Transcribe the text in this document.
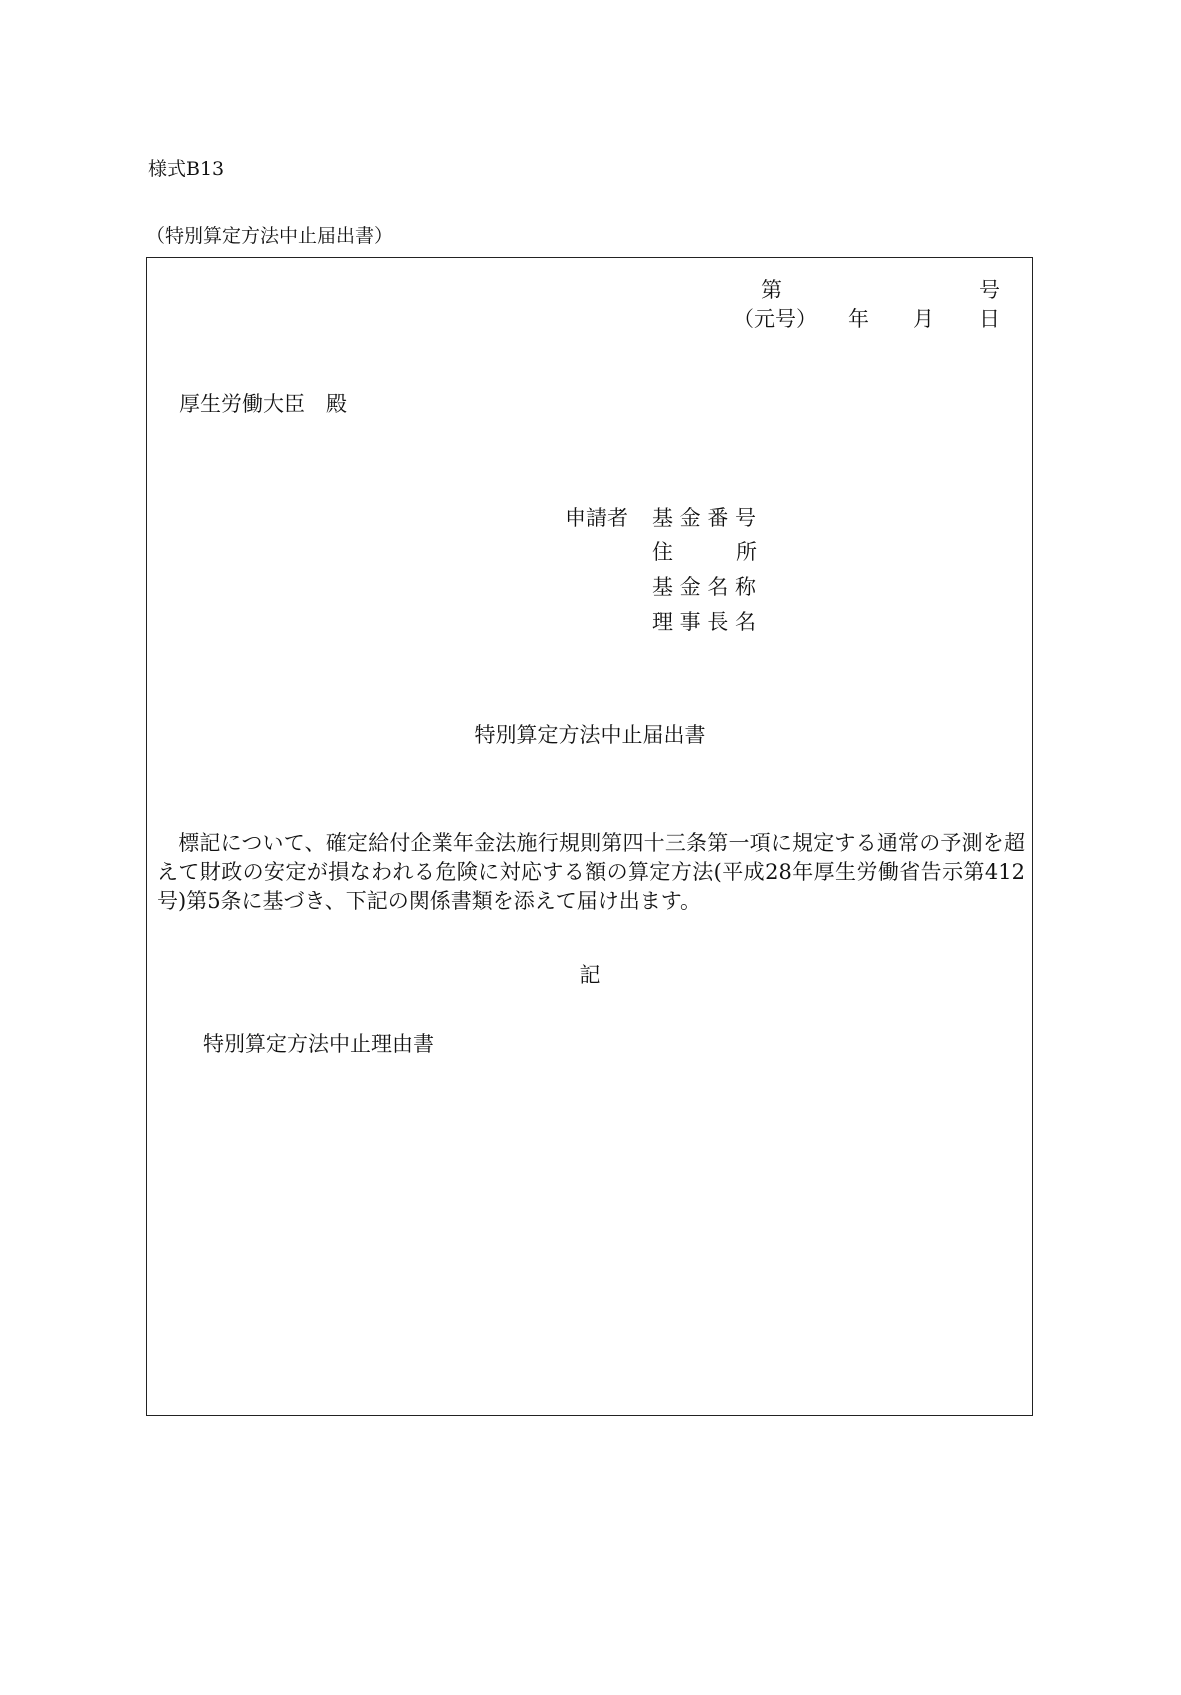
様式B13
（特別算定方法中止届出書）
第	号
（元号） 年 月 日
厚生労働大臣　殿
申請者 基 金 番 号
住　　　所
基 金 名 称
理 事 長 名
特別算定方法中止届出書
　標記について、確定給付企業年金法施行規則第四十三条第一項に規定する通常の予測を超えて財政の安定が損なわれる危険に対応する額の算定方法(平成28年厚生労働省告示第412号)第5条に基づき、下記の関係書類を添えて届け出ます。
記
特別算定方法中止理由書
